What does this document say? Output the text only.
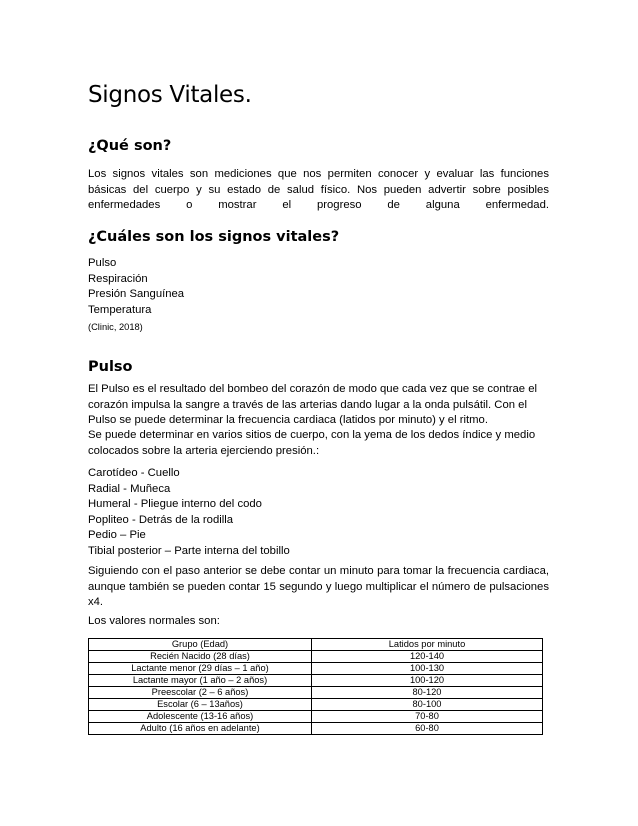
Signos Vitales.
¿Qué son?

Los signos vitales son mediciones que nos permiten conocer y evaluar las funciones básicas del cuerpo y su estado de salud físico. Nos pueden advertir sobre posibles enfermedades o mostrar el progreso de alguna enfermedad.

¿Cuáles son los signos vitales?
Pulso
Respiración
Presión Sanguínea
Temperatura

(Clinic, 2018)

Pulso

El Pulso es el resultado del bombeo del corazón de modo que cada vez que se contrae el corazón impulsa la sangre a través de las arterias dando lugar a la onda pulsátil. Con el Pulso se puede determinar la frecuencia cardiaca (latidos por minuto) y el ritmo.

Se puede determinar en varios sitios de cuerpo, con la yema de los dedos índice y medio colocados sobre la arteria ejerciendo presión.:

Carotídeo - Cuello
Radial - Muñeca
Humeral - Pliegue interno del codo
Popliteo - Detrás de la rodilla
Pedio – Pie
Tibial posterior – Parte interna del tobillo

Siguiendo con el paso anterior se debe contar un minuto para tomar la frecuencia cardiaca, aunque también se pueden contar 15 segundo y luego multiplicar el número de pulsaciones x4.

Los valores normales son:

Grupo (Edad)	Latidos por minuto
Recién Nacido (28 días)	120-140
Lactante menor (29 días – 1 año)	100-130
Lactante mayor (1 año – 2 años)	100-120
Preescolar (2 – 6 años)	80-120
Escolar (6 – 13años)	80-100
Adolescente (13-16 años)	70-80
Adulto (16 años en adelante)	60-80
